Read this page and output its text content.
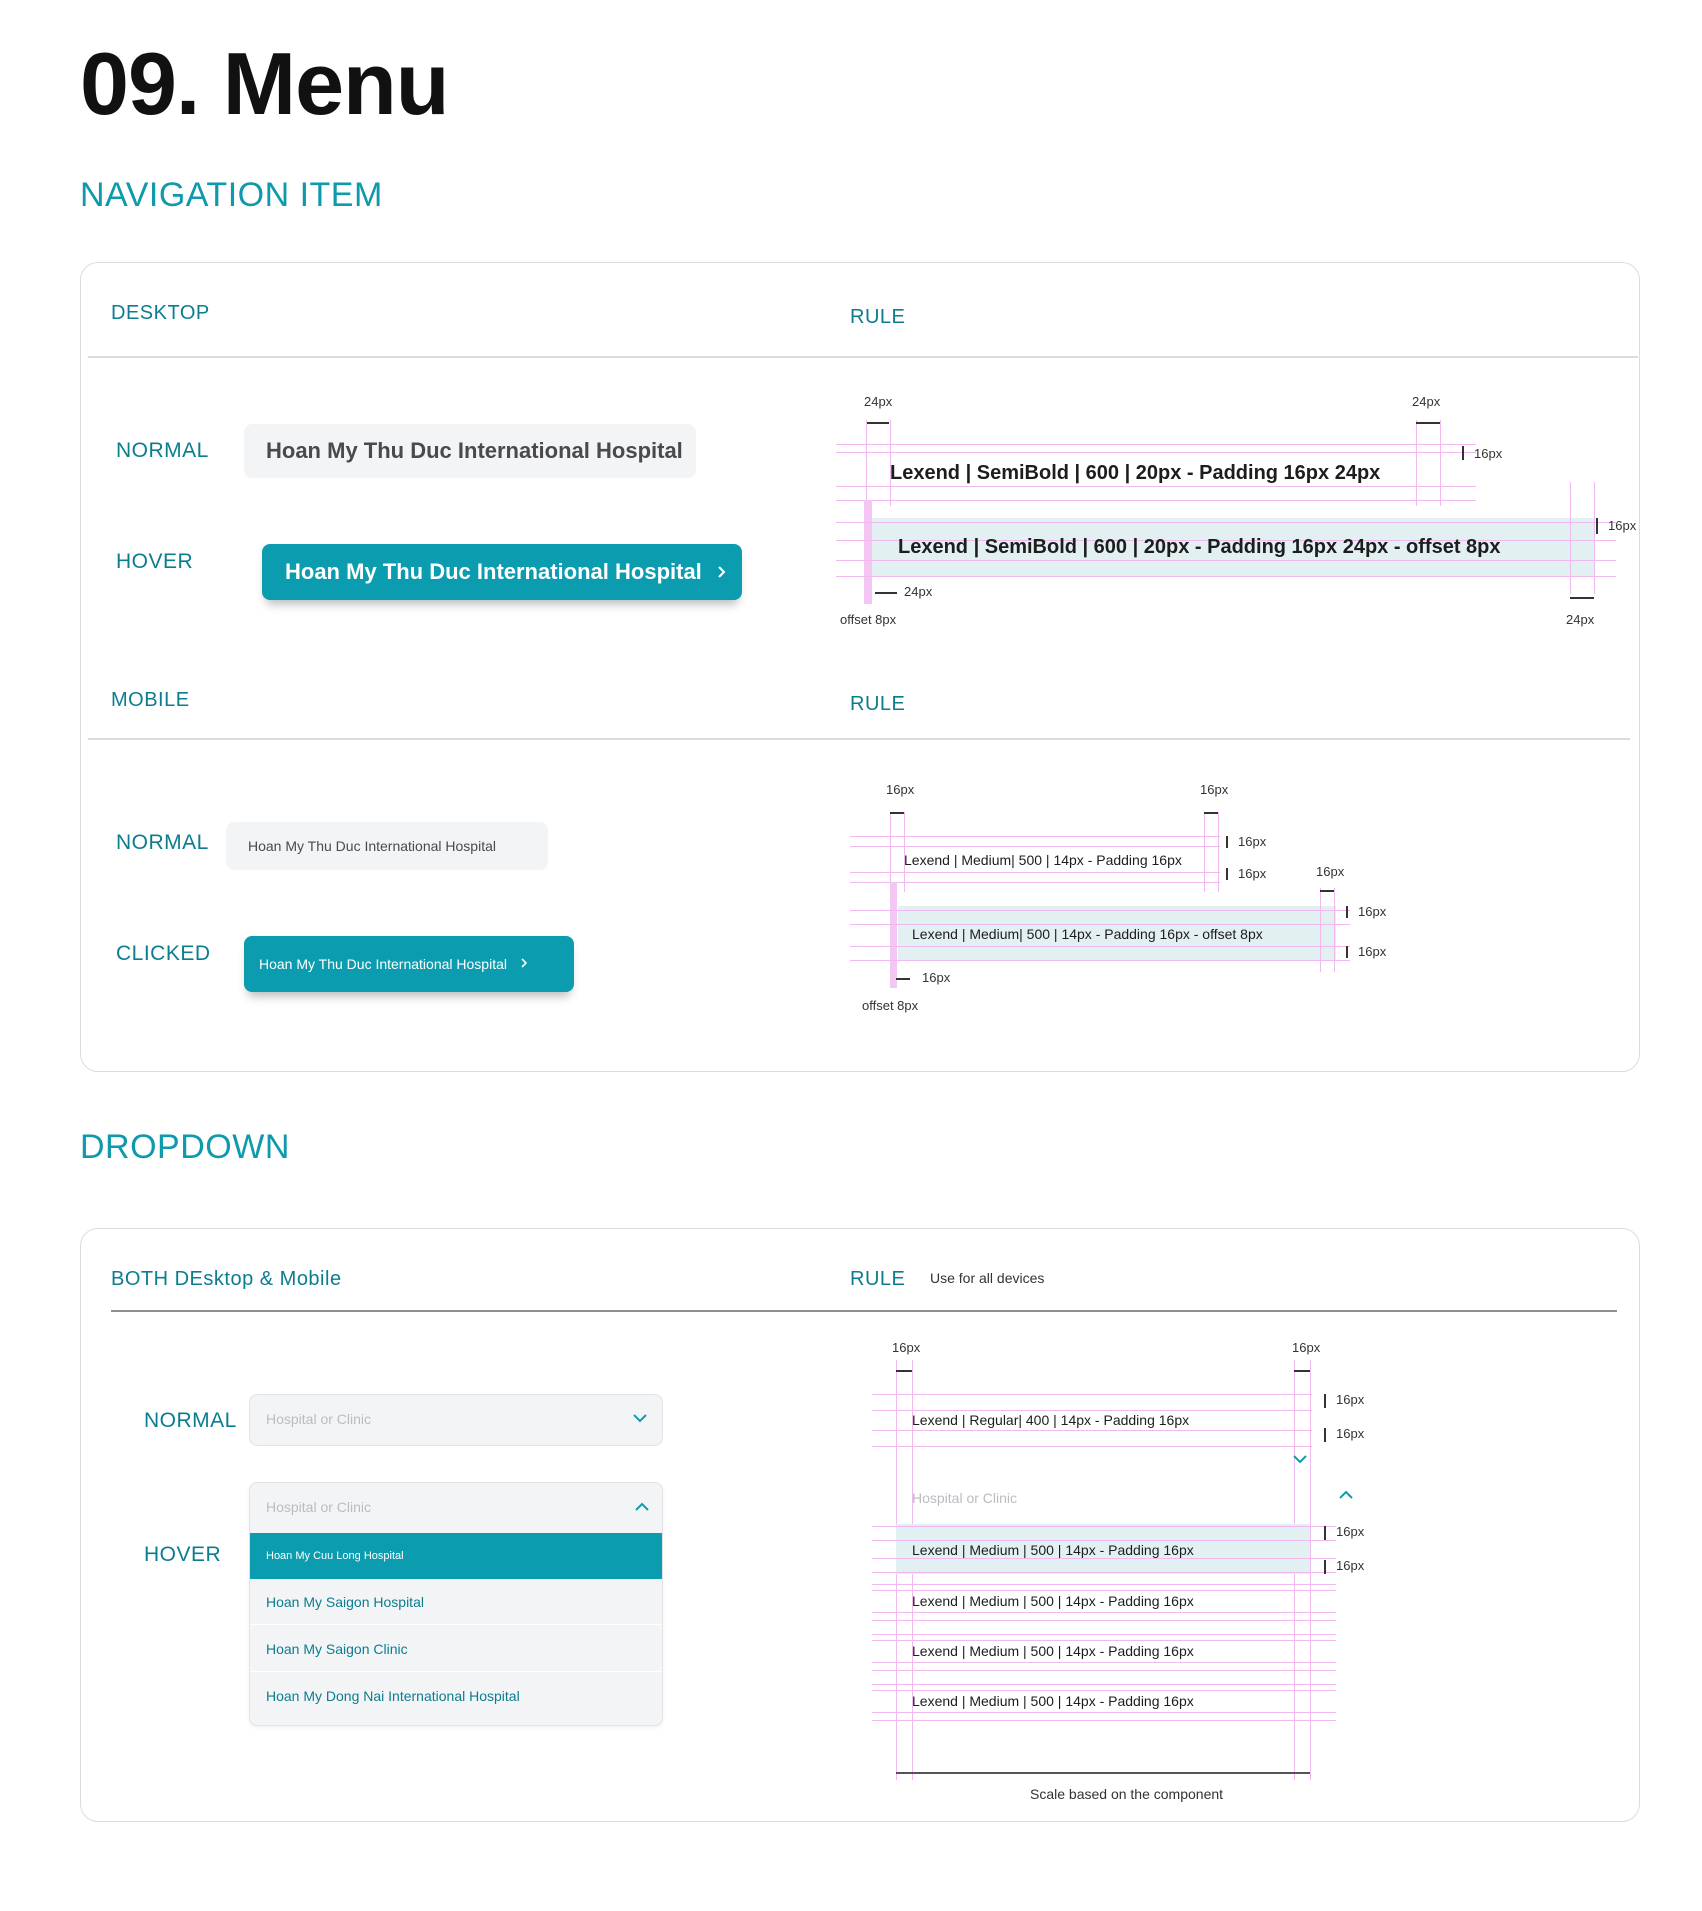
09. Menu
NAVIGATION ITEM
DESKTOP	RULE
NORMAL	Hoan My Thu Duc International Hospital
HOVER	Hoan My Thu Duc International Hospital
24px	24px
16px
Lexend | SemiBold | 600 | 20px - Padding 16px 24px
16px
Lexend | SemiBold | 600 | 20px - Padding 16px 24px - offset 8px
24px
24px
offset 8px
MOBILE	RULE
NORMAL	Hoan My Thu Duc International Hospital
CLICKED	Hoan My Thu Duc International Hospital
16px	16px
16px
16px
Lexend | Medium| 500 | 14px - Padding 16px
16px
16px
16px
Lexend | Medium| 500 | 14px - Padding 16px - offset 8px
16px
offset 8px
DROPDOWN
BOTH DEsktop & Mobile	RULE Use for all devices
NORMAL Hospital or Clinic
HOVER
Hospital or Clinic
Hoan My Cuu Long Hospital
Hoan My Saigon Hospital
Hoan My Saigon Clinic
Hoan My Dong Nai International Hospital
16px	16px
16px
16px
Lexend | Regular| 400 | 14px - Padding 16px
Hospital or Clinic
16px
16px
Lexend | Medium | 500 | 14px - Padding 16px
Lexend | Medium | 500 | 14px - Padding 16px
Lexend | Medium | 500 | 14px - Padding 16px
Lexend | Medium | 500 | 14px - Padding 16px
Scale based on the component
